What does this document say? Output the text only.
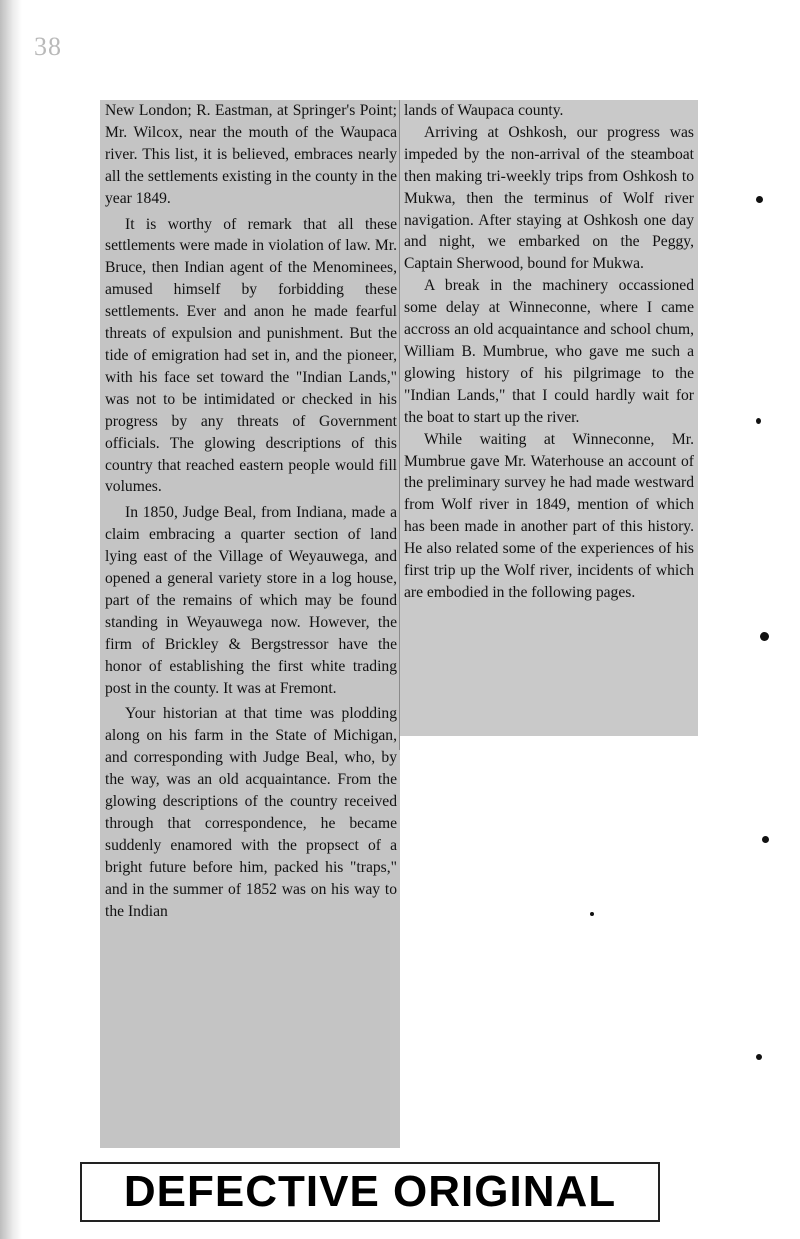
38

New London; R. Eastman, at Springer's Point; Mr. Wilcox, near the mouth of the Waupaca river. This list, it is believed, embraces nearly all the settlements existing in the county in the year 1849.

It is worthy of remark that all these settlements were made in violation of law. Mr. Bruce, then Indian agent of the Menominees, amused himself by forbidding these settlements. Ever and anon he made fearful threats of expulsion and punishment. But the tide of emigration had set in, and the pioneer, with his face set toward the "Indian Lands," was not to be intimidated or checked in his progress by any threats of Government officials. The glowing descriptions of this country that reached eastern people would fill volumes.

In 1850, Judge Beal, from Indiana, made a claim embracing a quarter section of land lying east of the Village of Weyauwega, and opened a general variety store in a log house, part of the remains of which may be found standing in Weyauwega now. However, the firm of Brickley & Bergstressor have the honor of establishing the first white trading post in the county. It was at Fremont.

Your historian at that time was plodding along on his farm in the State of Michigan, and corresponding with Judge Beal, who, by the way, was an old acquaintance. From the glowing descriptions of the country received through that correspondence, he became suddenly enamored with the propsect of a bright future before him, packed his "traps," and in the summer of 1852 was on his way to the Indian

lands of Waupaca county.

Arriving at Oshkosh, our progress was impeded by the non-arrival of the steamboat then making tri-weekly trips from Oshkosh to Mukwa, then the terminus of Wolf river navigation. After staying at Oshkosh one day and night, we embarked on the Peggy, Captain Sherwood, bound for Mukwa.

A break in the machinery occassioned some delay at Winneconne, where I came accross an old acquaintance and school chum, William B. Mumbrue, who gave me such a glowing history of his pilgrimage to the "Indian Lands," that I could hardly wait for the boat to start up the river.

While waiting at Winneconne, Mr. Mumbrue gave Mr. Waterhouse an account of the preliminary survey he had made westward from Wolf river in 1849, mention of which has been made in another part of this history. He also related some of the experiences of his first trip up the Wolf river, incidents of which are embodied in the following pages.

DEFECTIVE ORIGINAL
